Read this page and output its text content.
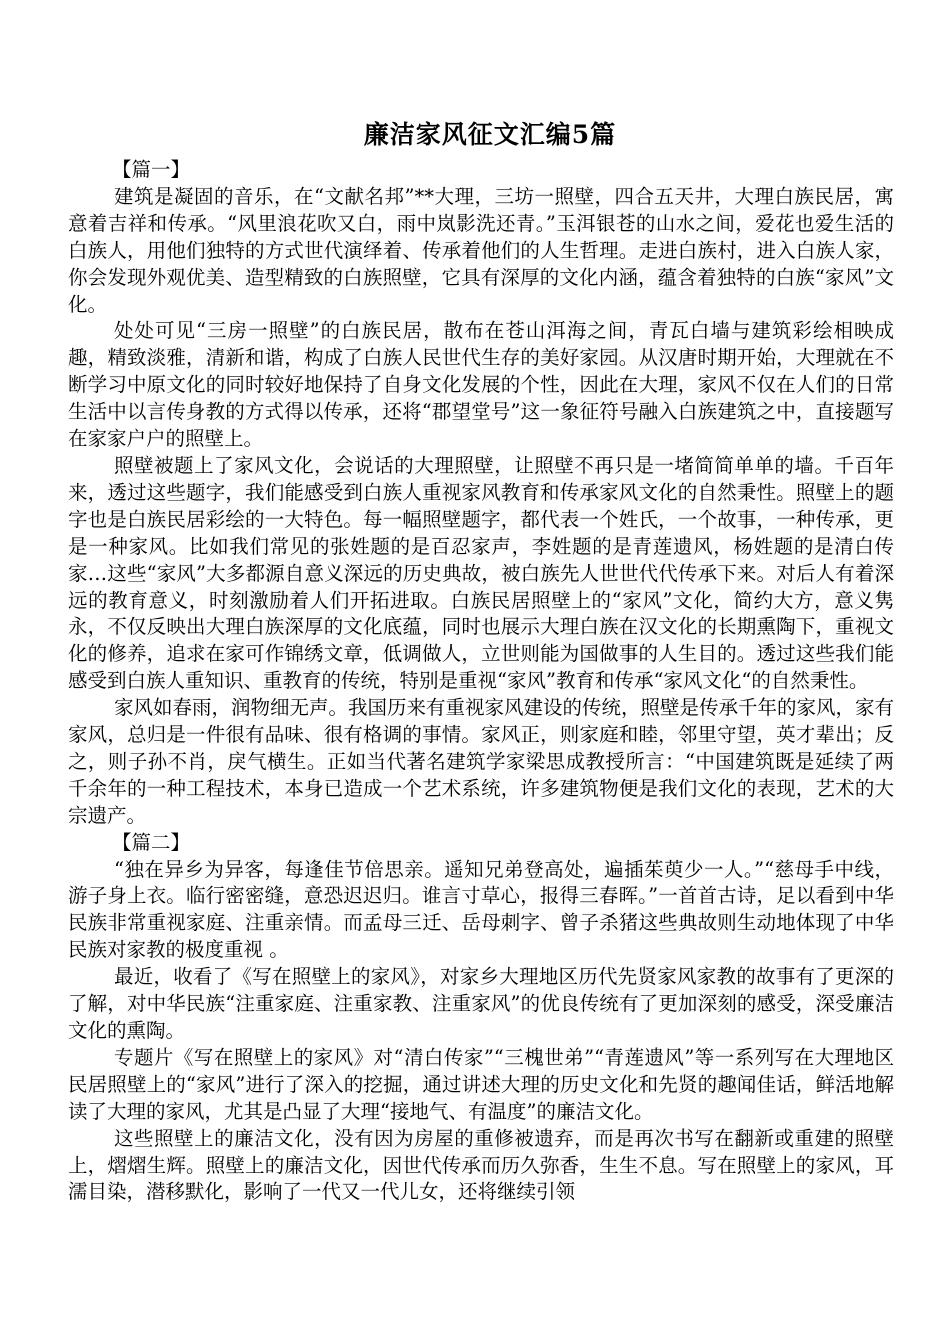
廉洁家风征文汇编5篇

【篇一】

建筑是凝固的音乐，在“文献名邦”**大理，三坊一照壁，四合五天井，大理白族民居，寓意着吉祥和传承。“风里浪花吹又白，雨中岚影洗还青。”玉洱银苍的山水之间，爱花也爱生活的白族人，用他们独特的方式世代演绎着、传承着他们的人生哲理。走进白族村，进入白族人家，你会发现外观优美、造型精致的白族照壁，它具有深厚的文化内涵，蕴含着独特的白族“家风”文化。

处处可见“三房一照壁”的白族民居，散布在苍山洱海之间，青瓦白墙与建筑彩绘相映成趣，精致淡雅，清新和谐，构成了白族人民世代生存的美好家园。从汉唐时期开始，大理就在不断学习中原文化的同时较好地保持了自身文化发展的个性，因此在大理，家风不仅在人们的日常生活中以言传身教的方式得以传承，还将“郡望堂号”这一象征符号融入白族建筑之中，直接题写在家家户户的照壁上。

照壁被题上了家风文化，会说话的大理照壁，让照壁不再只是一堵简简单单的墙。千百年来，透过这些题字，我们能感受到白族人重视家风教育和传承家风文化的自然秉性。照壁上的题字也是白族民居彩绘的一大特色。每一幅照壁题字，都代表一个姓氏，一个故事，一种传承，更是一种家风。比如我们常见的张姓题的是百忍家声，李姓题的是青莲遗风，杨姓题的是清白传家…这些“家风”大多都源自意义深远的历史典故，被白族先人世世代代传承下来。对后人有着深远的教育意义，时刻激励着人们开拓进取。白族民居照壁上的“家风”文化，简约大方，意义隽永，不仅反映出大理白族深厚的文化底蕴，同时也展示大理白族在汉文化的长期熏陶下，重视文化的修养，追求在家可作锦绣文章，低调做人，立世则能为国做事的人生目的。透过这些我们能感受到白族人重知识、重教育的传统，特别是重视“家风”教育和传承“家风文化“的自然秉性。

家风如春雨，润物细无声。我国历来有重视家风建设的传统，照壁是传承千年的家风，家有家风，总归是一件很有品味、很有格调的事情。家风正，则家庭和睦，邻里守望，英才辈出；反之，则子孙不肖，戾气横生。正如当代著名建筑学家梁思成教授所言：“中国建筑既是延续了两千余年的一种工程技术，本身已造成一个艺术系统，许多建筑物便是我们文化的表现，艺术的大宗遗产。

【篇二】

“独在异乡为异客，每逢佳节倍思亲。遥知兄弟登高处，遍插茱萸少一人。”“慈母手中线，游子身上衣。临行密密缝，意恐迟迟归。谁言寸草心，报得三春晖。”一首首古诗，足以看到中华民族非常重视家庭、注重亲情。而孟母三迁、岳母刺字、曾子杀猪这些典故则生动地体现了中华民族对家教的极度重视 。

最近，收看了《写在照壁上的家风》，对家乡大理地区历代先贤家风家教的故事有了更深的了解，对中华民族“注重家庭、注重家教、注重家风”的优良传统有了更加深刻的感受，深受廉洁文化的熏陶。

专题片《写在照壁上的家风》对“清白传家”“三槐世弟”“青莲遗风”等一系列写在大理地区民居照壁上的“家风”进行了深入的挖掘，通过讲述大理的历史文化和先贤的趣闻佳话，鲜活地解读了大理的家风，尤其是凸显了大理“接地气、有温度”的廉洁文化。

这些照壁上的廉洁文化，没有因为房屋的重修被遗弃，而是再次书写在翻新或重建的照壁上，熠熠生辉。照壁上的廉洁文化，因世代传承而历久弥香，生生不息。写在照壁上的家风，耳濡目染，潜移默化，影响了一代又一代儿女，还将继续引领
